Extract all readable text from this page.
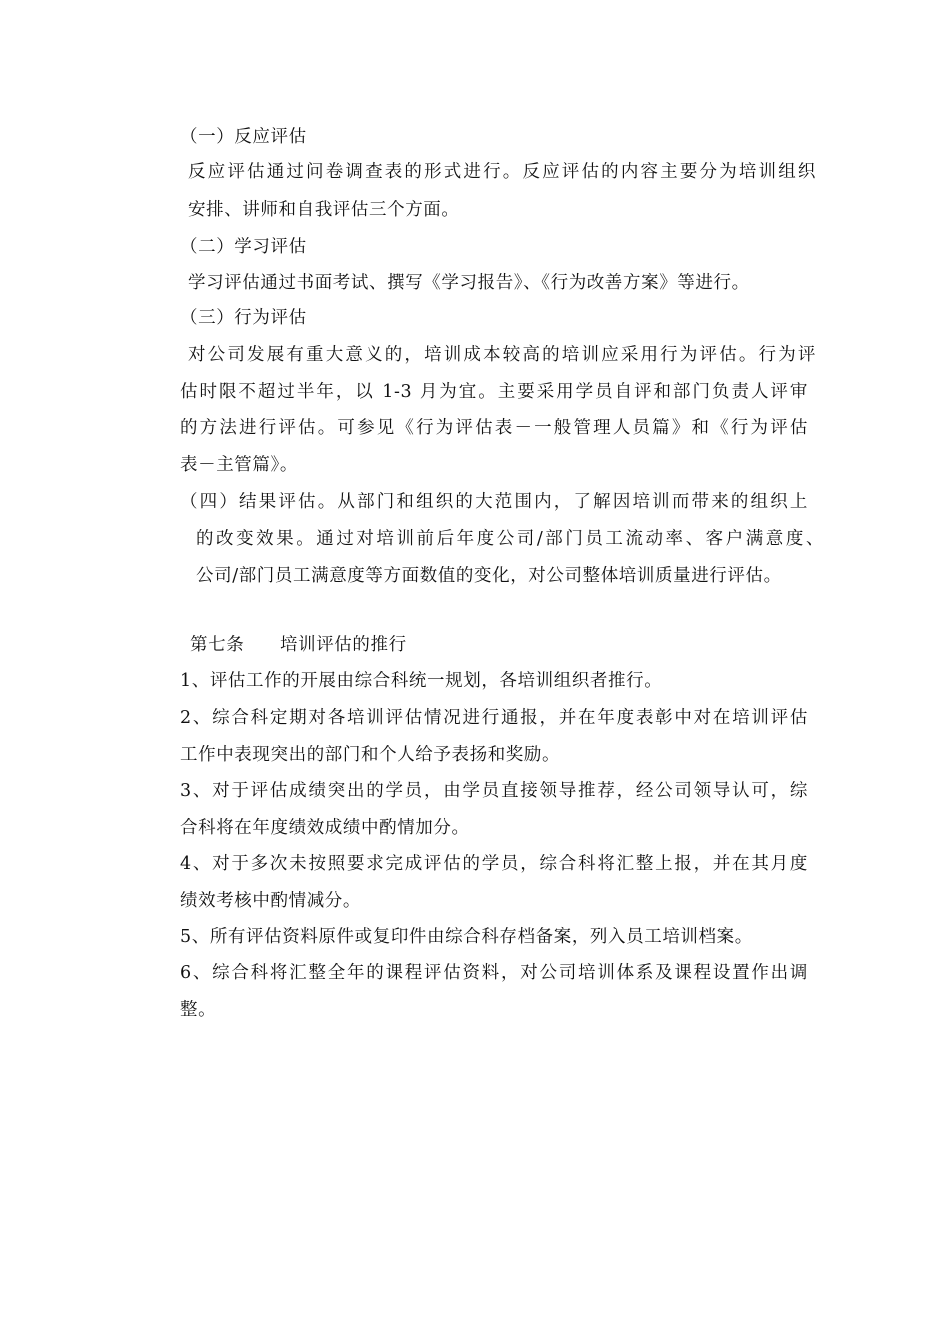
（一）反应评估
反应评估通过问卷调查表的形式进行。反应评估的内容主要分为培训组织
安排、讲师和自我评估三个方面。
（二）学习评估
学习评估通过书面考试、撰写《学习报告》、《行为改善方案》等进行。
（三）行为评估
对公司发展有重大意义的，培训成本较高的培训应采用行为评估。行为评
估时限不超过半年，以 1-3 月为宜。主要采用学员自评和部门负责人评审
的方法进行评估。可参见《行为评估表－一般管理人员篇》和《行为评估
表－主管篇》。
（四）结果评估。从部门和组织的大范围内，了解因培训而带来的组织上
的改变效果。通过对培训前后年度公司/部门员工流动率、客户满意度、
公司/部门员工满意度等方面数值的变化，对公司整体培训质量进行评估。
第七条 培训评估的推行
1、评估工作的开展由综合科统一规划，各培训组织者推行。
2、综合科定期对各培训评估情况进行通报，并在年度表彰中对在培训评估
工作中表现突出的部门和个人给予表扬和奖励。
3、对于评估成绩突出的学员，由学员直接领导推荐，经公司领导认可，综
合科将在年度绩效成绩中酌情加分。
4、对于多次未按照要求完成评估的学员，综合科将汇整上报，并在其月度
绩效考核中酌情减分。
5、所有评估资料原件或复印件由综合科存档备案，列入员工培训档案。
6、综合科将汇整全年的课程评估资料，对公司培训体系及课程设置作出调
整。
